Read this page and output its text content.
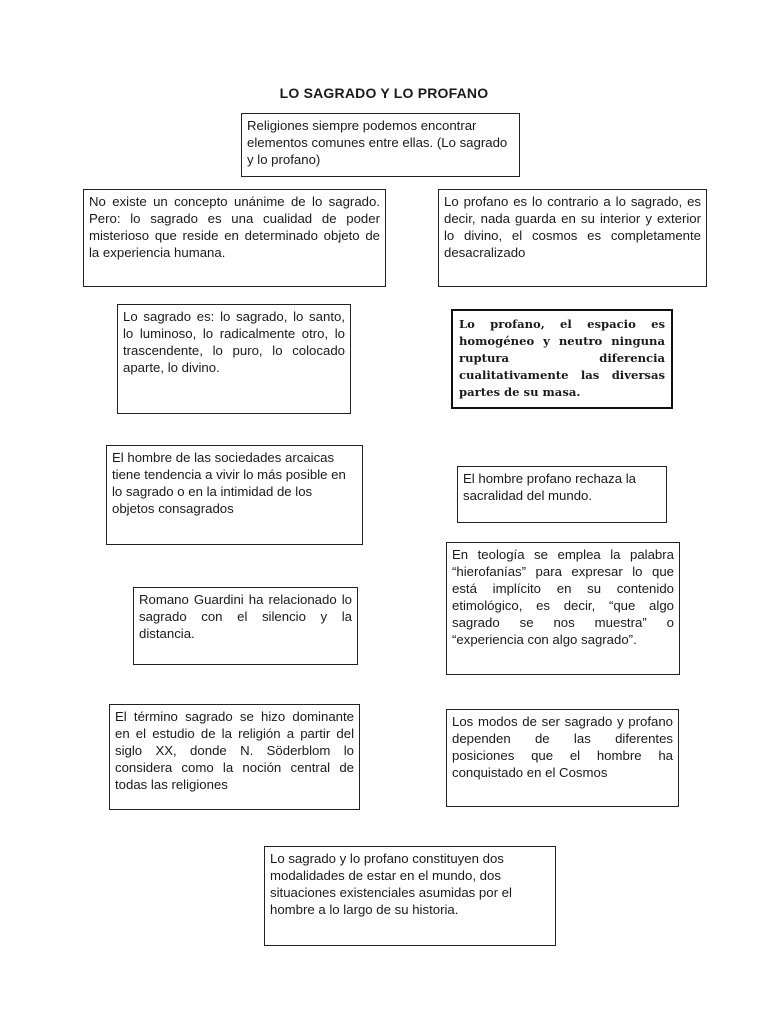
LO SAGRADO Y LO PROFANO
Religiones siempre podemos encontrar elementos comunes entre ellas. (Lo sagrado y lo profano)
No existe un concepto unánime de lo sagrado. Pero: lo sagrado es una cualidad de poder misterioso que reside en determinado objeto de la experiencia humana.
Lo profano es lo contrario a lo sagrado, es decir, nada guarda en su interior y exterior lo divino, el cosmos es completamente desacralizado
Lo sagrado es: lo sagrado, lo santo, lo luminoso, lo radicalmente otro, lo trascendente, lo puro, lo colocado aparte, lo divino.
Lo profano, el espacio es homogéneo y neutro ninguna ruptura diferencia cualitativamente las diversas partes de su masa.
El hombre de las sociedades arcaicas tiene tendencia a vivir lo más posible en lo sagrado o en la intimidad de los objetos consagrados
El hombre profano rechaza la sacralidad del mundo.
En teología se emplea la palabra “hierofanías” para expresar lo que está implícito en su contenido etimológico, es decir, “que algo sagrado se nos muestra” o “experiencia con algo sagrado”.
Romano Guardini ha relacionado lo sagrado con el silencio y la distancia.
El término sagrado se hizo dominante en el estudio de la religión a partir del siglo XX, donde N. Söderblom lo considera como la noción central de todas las religiones
Los modos de ser sagrado y profano dependen de las diferentes posiciones que el hombre ha conquistado en el Cosmos
Lo sagrado y lo profano constituyen dos modalidades de estar en el mundo, dos situaciones existenciales asumidas por el hombre a lo largo de su historia.
